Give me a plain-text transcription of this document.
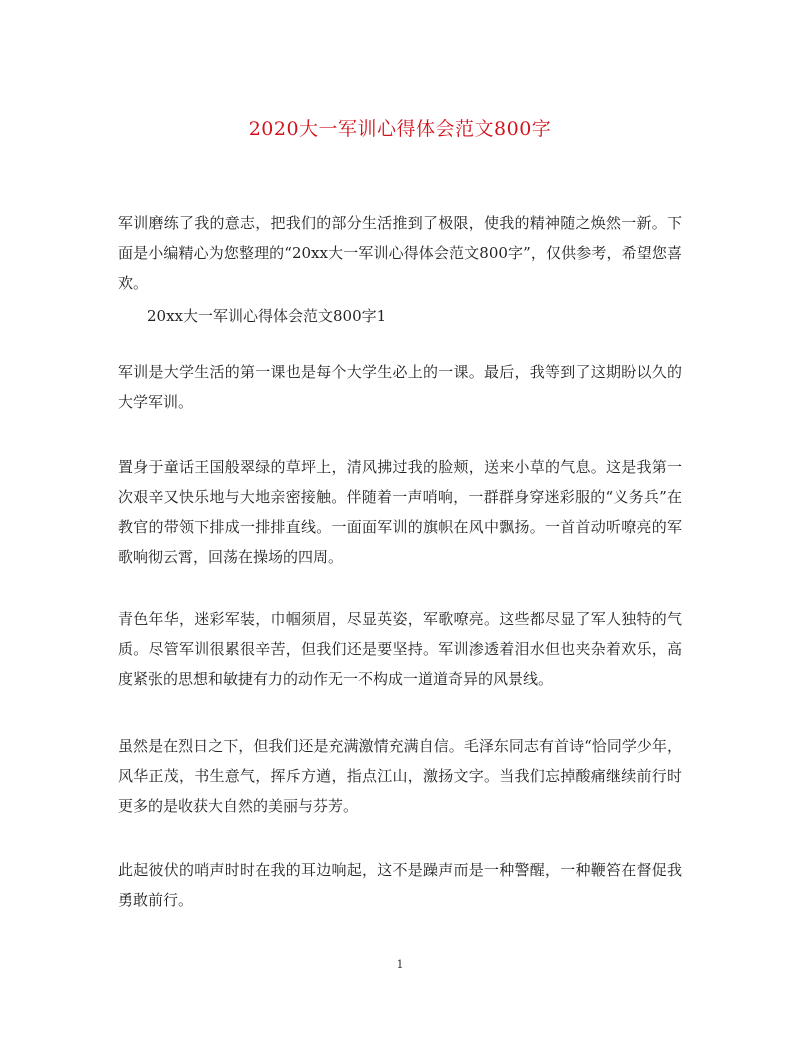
2020大一军训心得体会范文800字

军训磨练了我的意志，把我们的部分生活推到了极限，使我的精神随之焕然一新。下面是小编精心为您整理的“20xx大一军训心得体会范文800字”，仅供参考，希望您喜欢。

20xx大一军训心得体会范文800字1

军训是大学生活的第一课也是每个大学生必上的一课。最后，我等到了这期盼以久的大学军训。

置身于童话王国般翠绿的草坪上，清风拂过我的脸颊，送来小草的气息。这是我第一次艰辛又快乐地与大地亲密接触。伴随着一声哨响，一群群身穿迷彩服的“义务兵”在教官的带领下排成一排排直线。一面面军训的旗帜在风中飘扬。一首首动听嘹亮的军歌响彻云霄，回荡在操场的四周。

青色年华，迷彩军装，巾帼须眉，尽显英姿，军歌嘹亮。这些都尽显了军人独特的气质。尽管军训很累很辛苦，但我们还是要坚持。军训渗透着泪水但也夹杂着欢乐，高度紧张的思想和敏捷有力的动作无一不构成一道道奇异的风景线。

虽然是在烈日之下，但我们还是充满激情充满自信。毛泽东同志有首诗“恰同学少年，风华正茂，书生意气，挥斥方遒，指点江山，激扬文字。当我们忘掉酸痛继续前行时更多的是收获大自然的美丽与芬芳。

此起彼伏的哨声时时在我的耳边响起，这不是躁声而是一种警醒，一种鞭笞在督促我勇敢前行。

1
